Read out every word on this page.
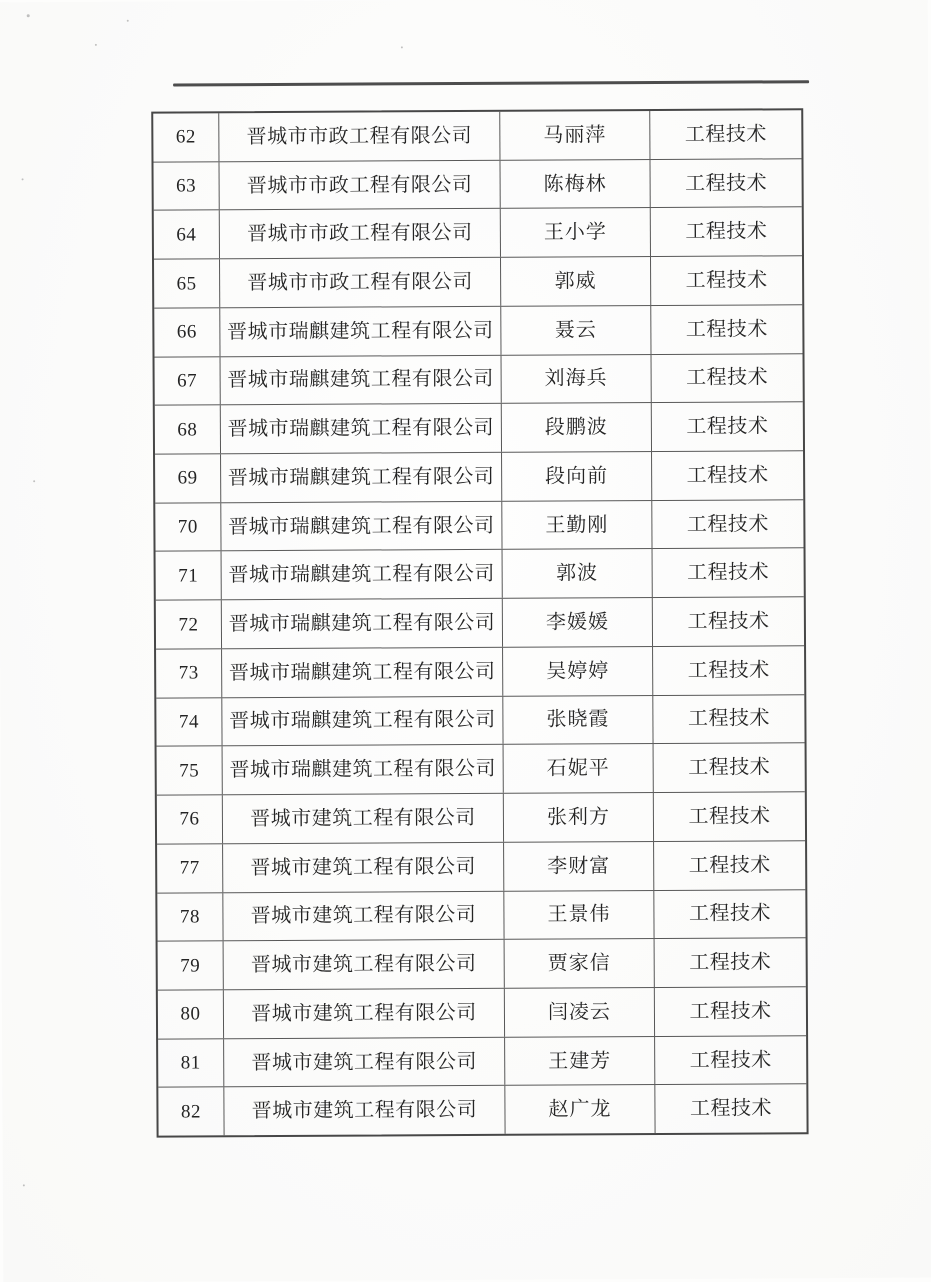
62	晋城市市政工程有限公司	马丽萍	工程技术
63	晋城市市政工程有限公司	陈梅林	工程技术
64	晋城市市政工程有限公司	王小学	工程技术
65	晋城市市政工程有限公司	郭威	工程技术
66	晋城市瑞麒建筑工程有限公司	聂云	工程技术
67	晋城市瑞麒建筑工程有限公司	刘海兵	工程技术
68	晋城市瑞麒建筑工程有限公司	段鹏波	工程技术
69	晋城市瑞麒建筑工程有限公司	段向前	工程技术
70	晋城市瑞麒建筑工程有限公司	王勤刚	工程技术
71	晋城市瑞麒建筑工程有限公司	郭波	工程技术
72	晋城市瑞麒建筑工程有限公司	李媛媛	工程技术
73	晋城市瑞麒建筑工程有限公司	吴婷婷	工程技术
74	晋城市瑞麒建筑工程有限公司	张晓霞	工程技术
75	晋城市瑞麒建筑工程有限公司	石妮平	工程技术
76	晋城市建筑工程有限公司	张利方	工程技术
77	晋城市建筑工程有限公司	李财富	工程技术
78	晋城市建筑工程有限公司	王景伟	工程技术
79	晋城市建筑工程有限公司	贾家信	工程技术
80	晋城市建筑工程有限公司	闫凌云	工程技术
81	晋城市建筑工程有限公司	王建芳	工程技术
82	晋城市建筑工程有限公司	赵广龙	工程技术
